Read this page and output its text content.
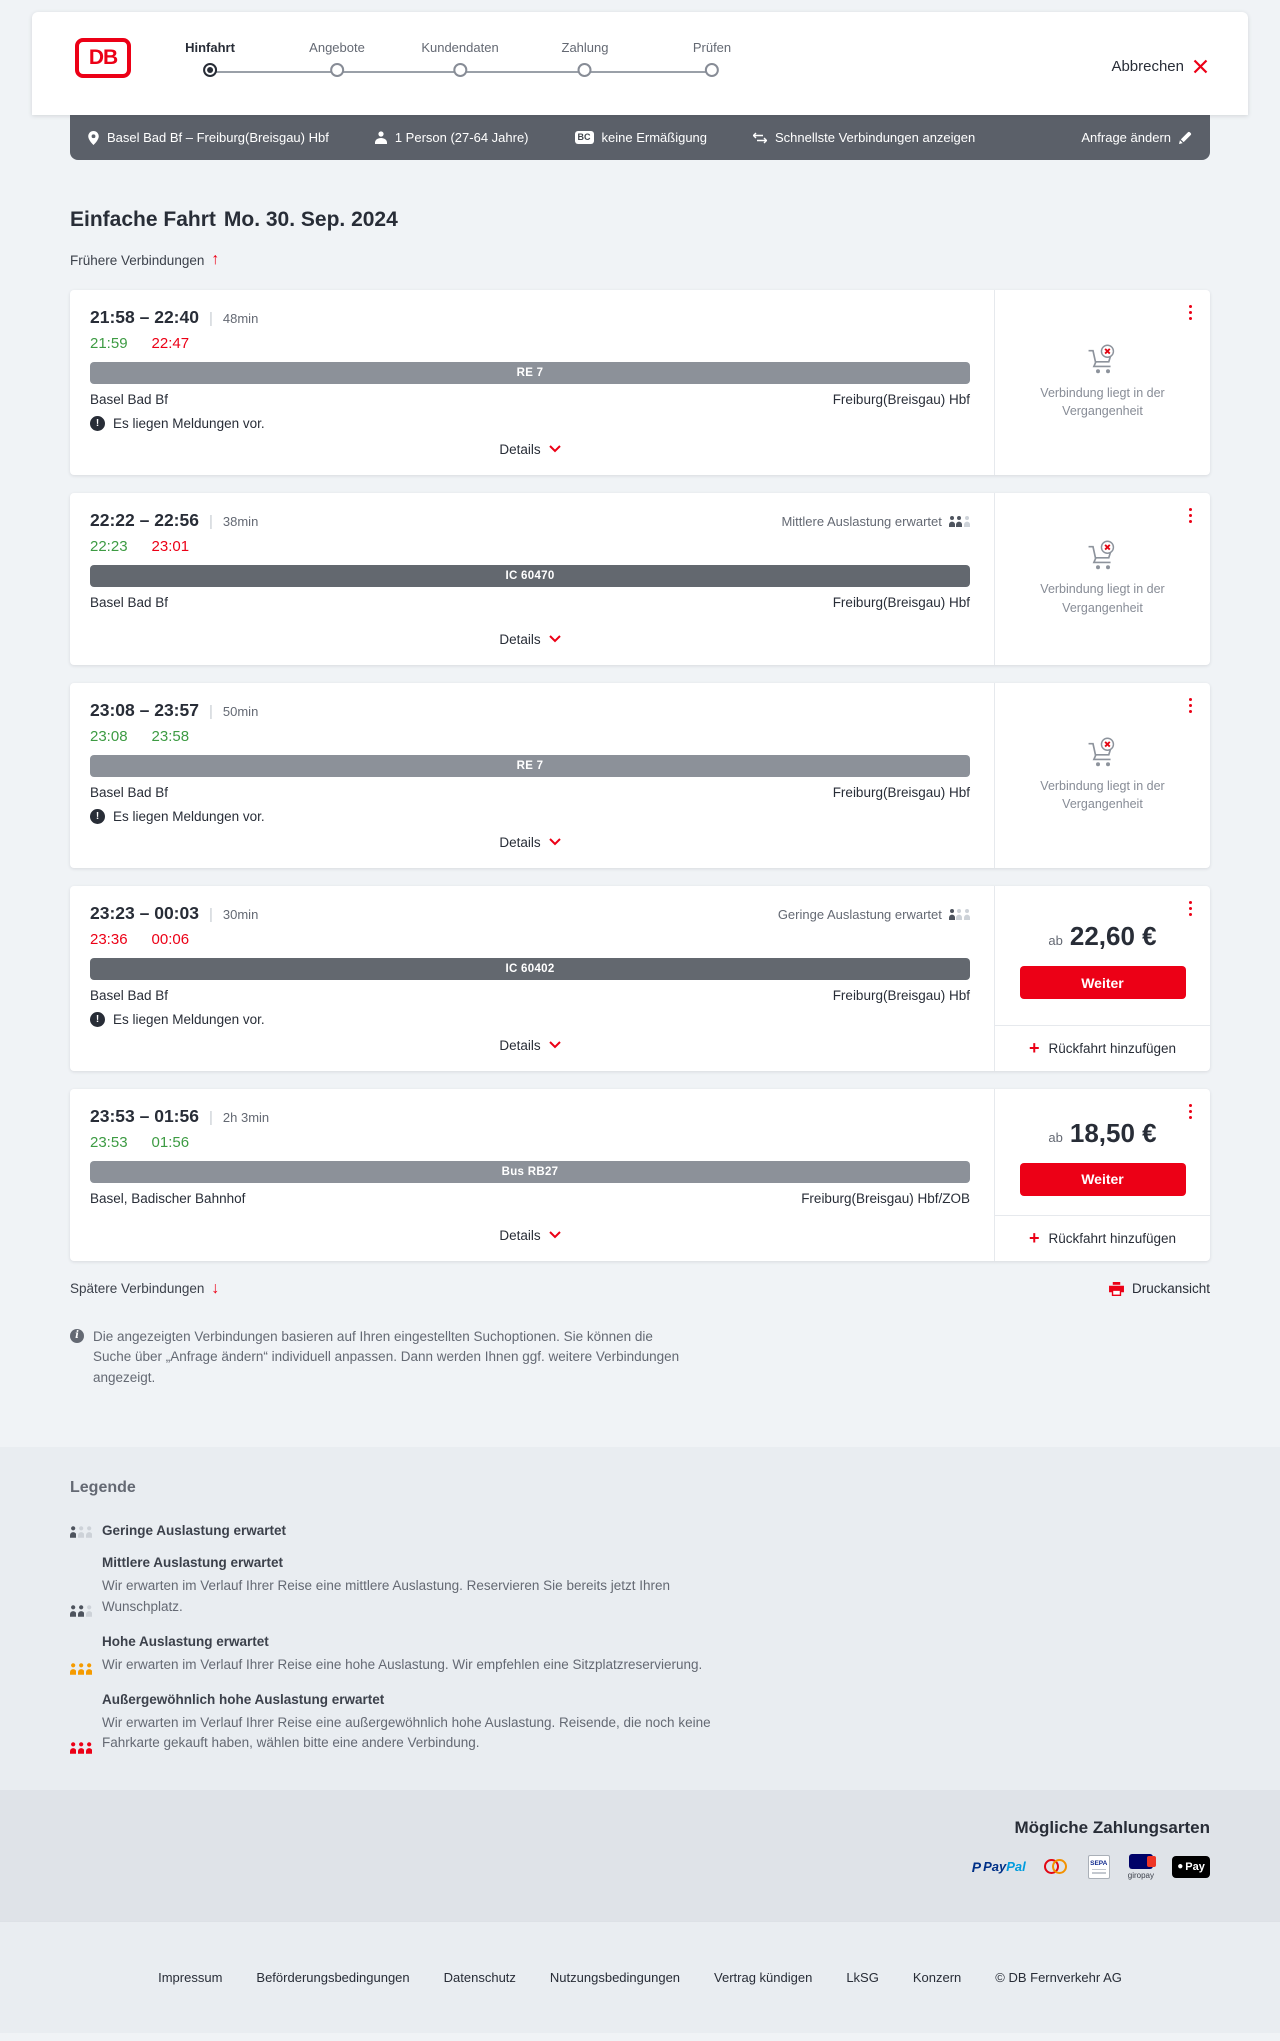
DB	Hinfahrt	Angebote	Kundendaten	Zahlung	Prüfen
Abbrechen
Basel Bad Bf – Freiburg(Breisgau) Hbf	1 Person (27-64 Jahre)	BC keine Ermäßigung	Schnellste Verbindungen anzeigen	Anfrage ändern
Einfache Fahrt Mo. 30. Sep. 2024
Frühere Verbindungen ↑
21:58 – 22:40 | 48min
21:59 22:47
RE 7
Basel Bad Bf	Freiburg(Breisgau) Hbf
!	Es liegen Meldungen vor.
Details
Verbindung liegt in der Vergangenheit
22:22 – 22:56 | 38min	Mittlere Auslastung erwartet
22:23 23:01
IC 60470
Basel Bad Bf	Freiburg(Breisgau) Hbf
Details
Verbindung liegt in der Vergangenheit
23:08 – 23:57 | 50min
23:08 23:58
RE 7
Basel Bad Bf	Freiburg(Breisgau) Hbf
!	Es liegen Meldungen vor.
Details
Verbindung liegt in der Vergangenheit
23:23 – 00:03 | 30min	Geringe Auslastung erwartet
23:36 00:06
IC 60402
Basel Bad Bf	Freiburg(Breisgau) Hbf
!	Es liegen Meldungen vor.
Details
ab 22,60 €
Weiter
+ Rückfahrt hinzufügen
23:53 – 01:56 | 2h 3min
23:53 01:56
Bus RB27
Basel, Badischer Bahnhof	Freiburg(Breisgau) Hbf/ZOB
Details
ab 18,50 €
Weiter
+ Rückfahrt hinzufügen
Spätere Verbindungen ↓	Druckansicht
i	Die angezeigten Verbindungen basieren auf Ihren eingestellten Suchoptionen. Sie können die Suche über „Anfrage ändern“ individuell anpassen. Dann werden Ihnen ggf. weitere Verbindungen angezeigt.
Legende
Geringe Auslastung erwartet
Mittlere Auslastung erwartet
Wir erwarten im Verlauf Ihrer Reise eine mittlere Auslastung. Reservieren Sie bereits jetzt Ihren Wunschplatz.
Hohe Auslastung erwartet
Wir erwarten im Verlauf Ihrer Reise eine hohe Auslastung. Wir empfehlen eine Sitzplatzreservierung.
Außergewöhnlich hohe Auslastung erwartet
Wir erwarten im Verlauf Ihrer Reise eine außergewöhnlich hohe Auslastung. Reisende, die noch keine Fahrkarte gekauft haben, wählen bitte eine andere Verbindung.
Mögliche Zahlungsarten
P PayPal	SEPA
giropay
● Pay
Impressum	Beförderungsbedingungen	Datenschutz	Nutzungsbedingungen	Vertrag kündigen	LkSG	Konzern	© DB Fernverkehr AG
